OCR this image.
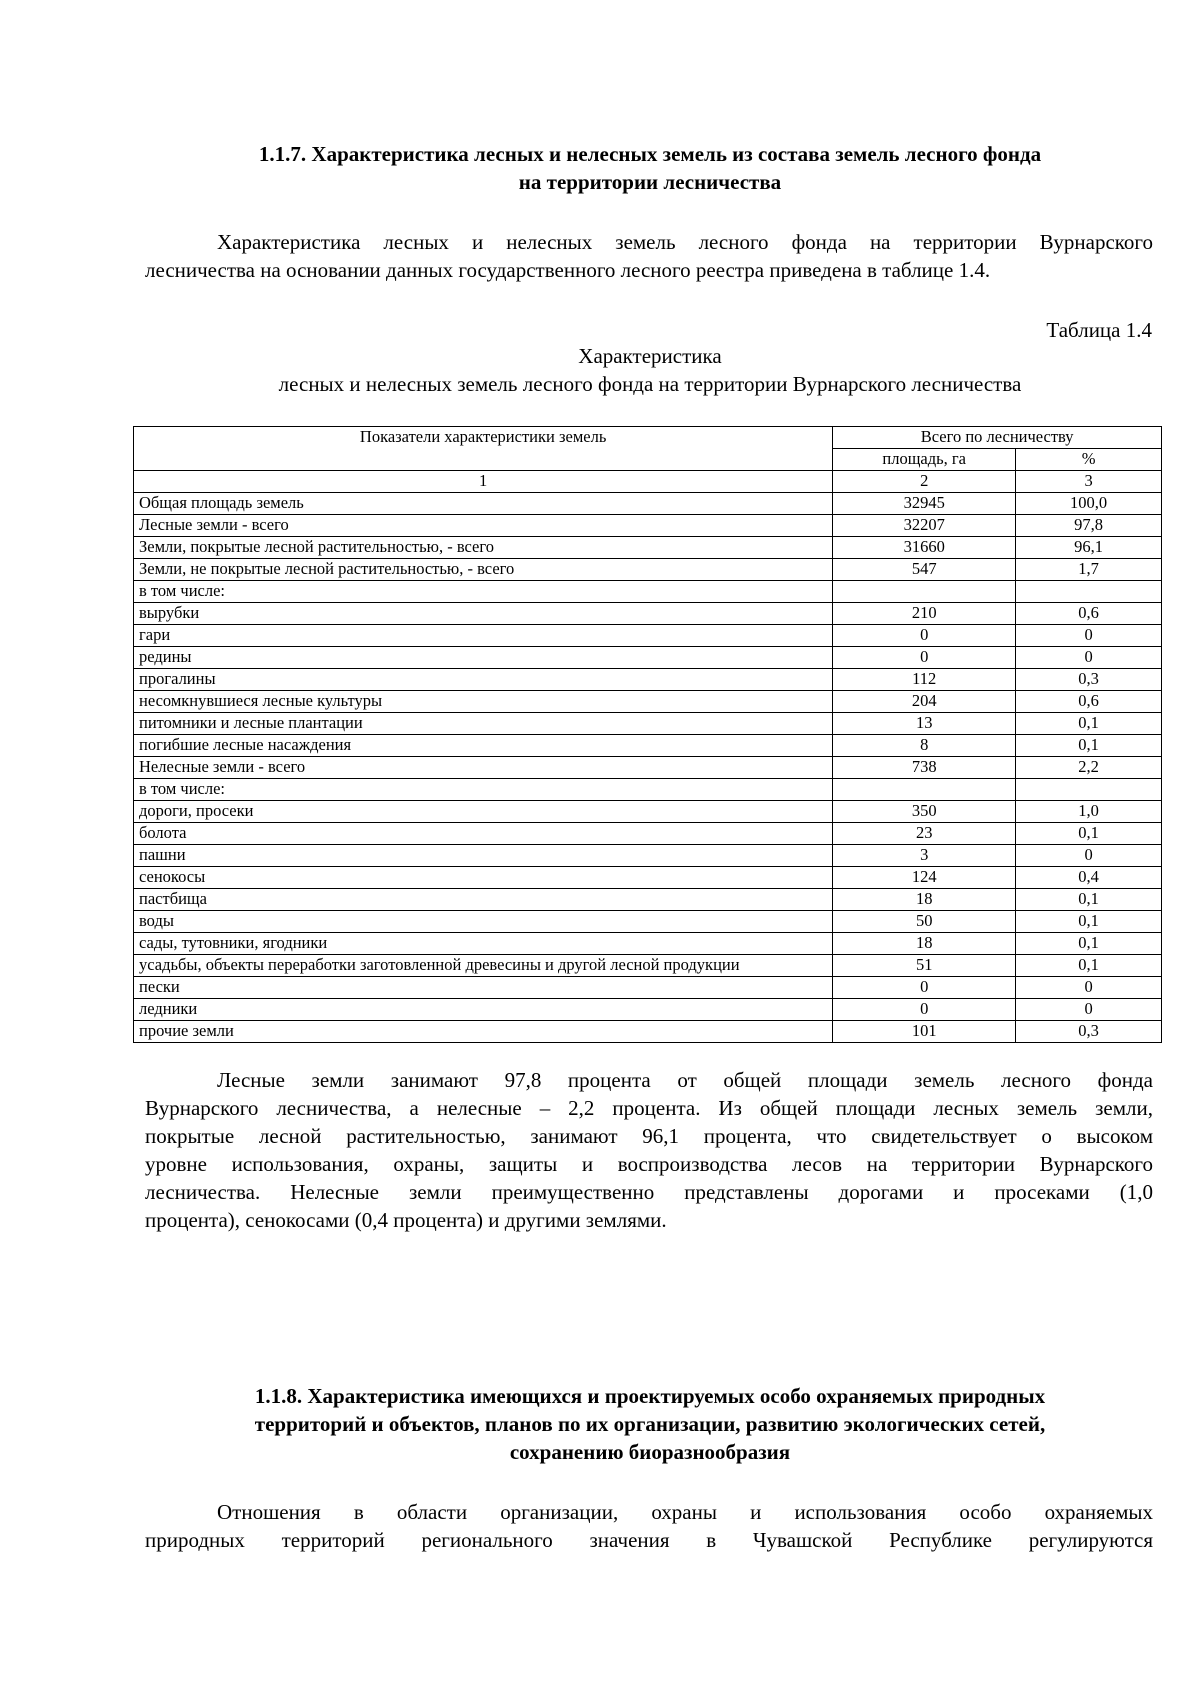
1.1.7. Характеристика лесных и нелесных земель из состава земель лесного фонда
на территории лесничества
Характеристика лесных и нелесных земель лесного фонда на территории Вурнарского
лесничества на основании данных государственного лесного реестра приведена в таблице 1.4.
Таблица 1.4
Характеристика
лесных и нелесных земель лесного фонда на территории Вурнарского лесничества
Показатели характеристики земель	Всего по лесничеству	
	площадь, га	%
1	2	3
Общая площадь земель	32945	100,0
Лесные земли - всего	32207	97,8
Земли, покрытые лесной растительностью, - всего	31660	96,1
Земли, не покрытые лесной растительностью, - всего	547	1,7
в том числе:		
вырубки	210	0,6
гари	0	0
редины	0	0
прогалины	112	0,3
несомкнувшиеся лесные культуры	204	0,6
питомники и лесные плантации	13	0,1
погибшие лесные насаждения	8	0,1
Нелесные земли - всего	738	2,2
в том числе:		
дороги, просеки	350	1,0
болота	23	0,1
пашни	3	0
сенокосы	124	0,4
пастбища	18	0,1
воды	50	0,1
сады, тутовники, ягодники	18	0,1
усадьбы, объекты переработки заготовленной древесины и другой лесной продукции	51	0,1
пески	0	0
ледники	0	0
прочие земли	101	0,3
Лесные земли занимают 97,8 процента от общей площади земель лесного фонда
Вурнарского лесничества, а нелесные – 2,2 процента. Из общей площади лесных земель земли,
покрытые лесной растительностью, занимают 96,1 процента, что свидетельствует о высоком
уровне использования, охраны, защиты и воспроизводства лесов на территории Вурнарского
лесничества. Нелесные земли преимущественно представлены дорогами и просеками (1,0
процента), сенокосами (0,4 процента) и другими землями.
1.1.8. Характеристика имеющихся и проектируемых особо охраняемых природных
территорий и объектов, планов по их организации, развитию экологических сетей,
сохранению биоразнообразия
Отношения в области организации, охраны и использования особо охраняемых
природных территорий регионального значения в Чувашской Республике регулируются
